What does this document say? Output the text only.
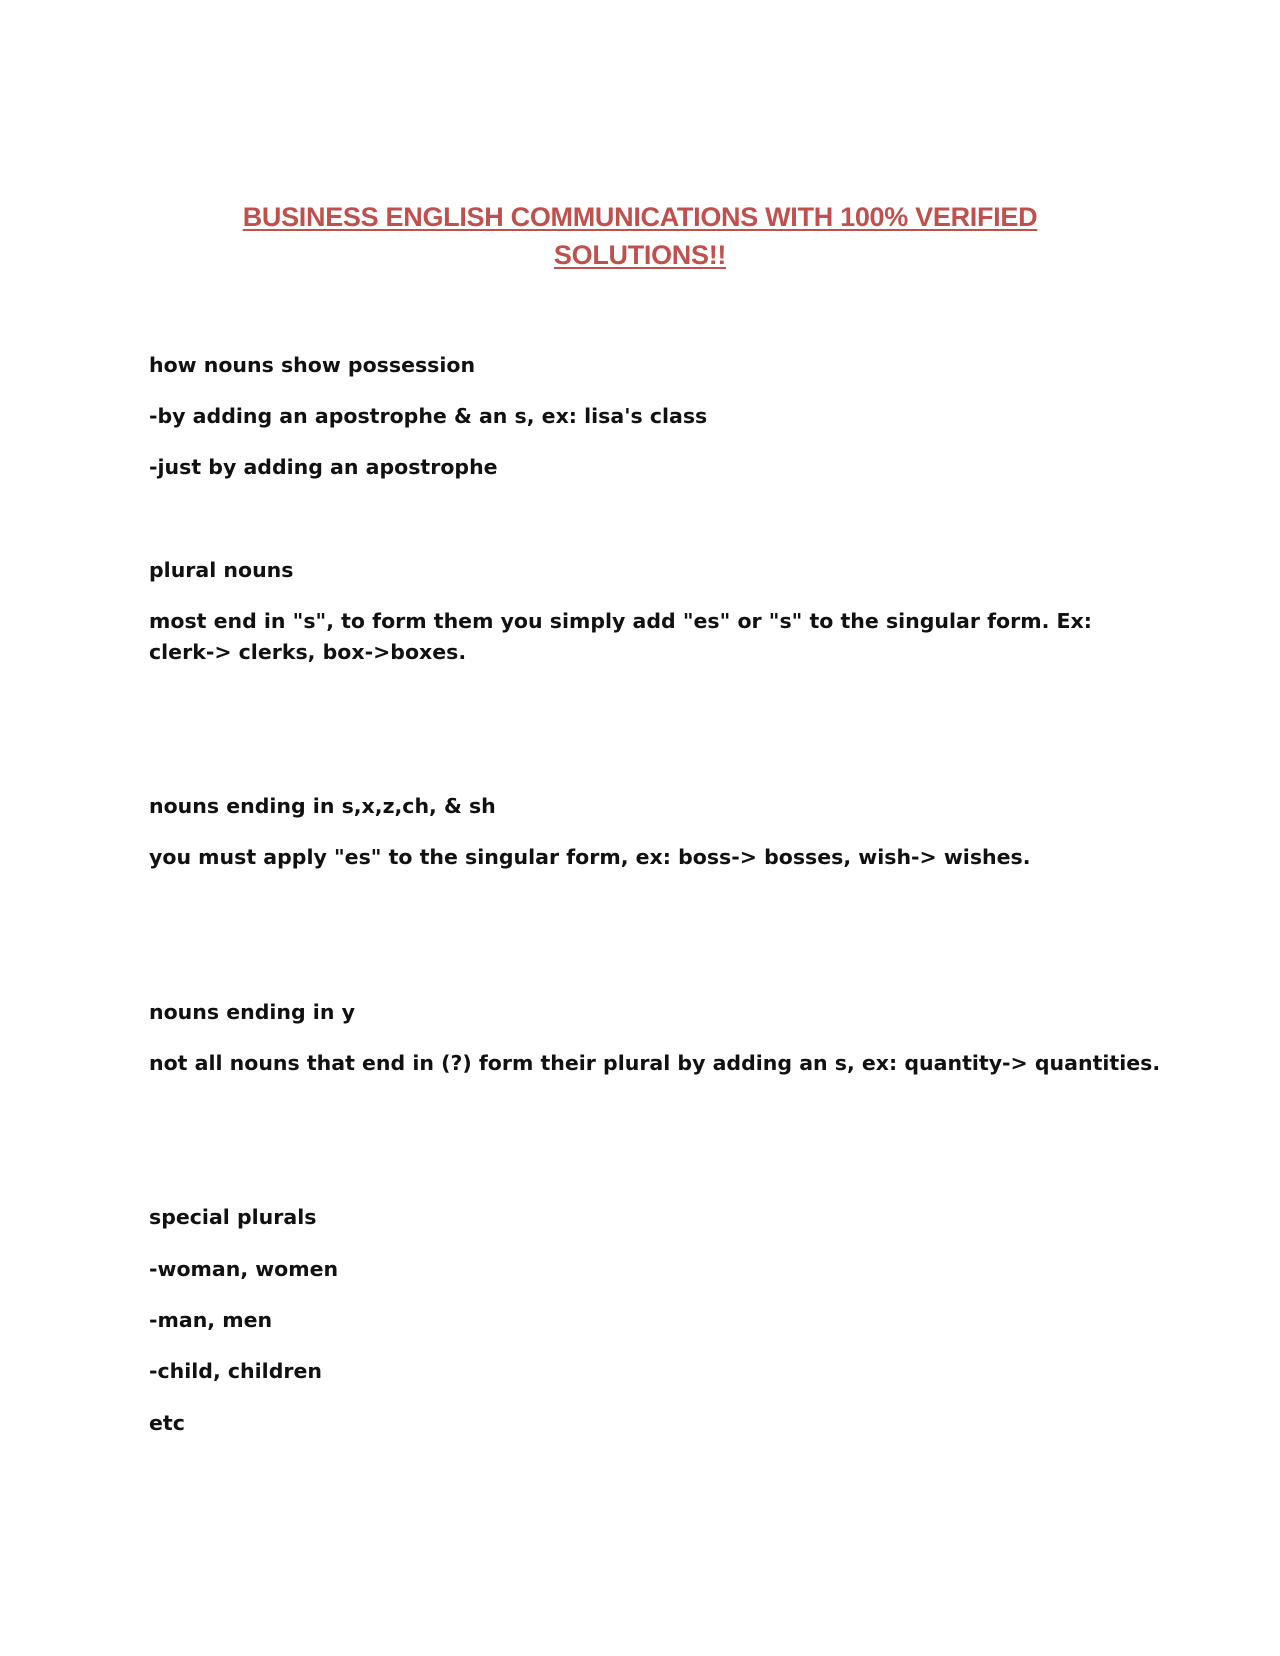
BUSINESS ENGLISH COMMUNICATIONS WITH 100% VERIFIED
SOLUTIONS!!

how nouns show possession

-by adding an apostrophe & an s, ex: lisa's class

-just by adding an apostrophe

plural nouns

most end in "s", to form them you simply add "es" or "s" to the singular form. Ex: clerk-> clerks, box->boxes.

nouns ending in s,x,z,ch, & sh

you must apply "es" to the singular form, ex: boss-> bosses, wish-> wishes.

nouns ending in y

not all nouns that end in (?) form their plural by adding an s, ex: quantity-> quantities.

special plurals

-woman, women

-man, men

-child, children

etc
